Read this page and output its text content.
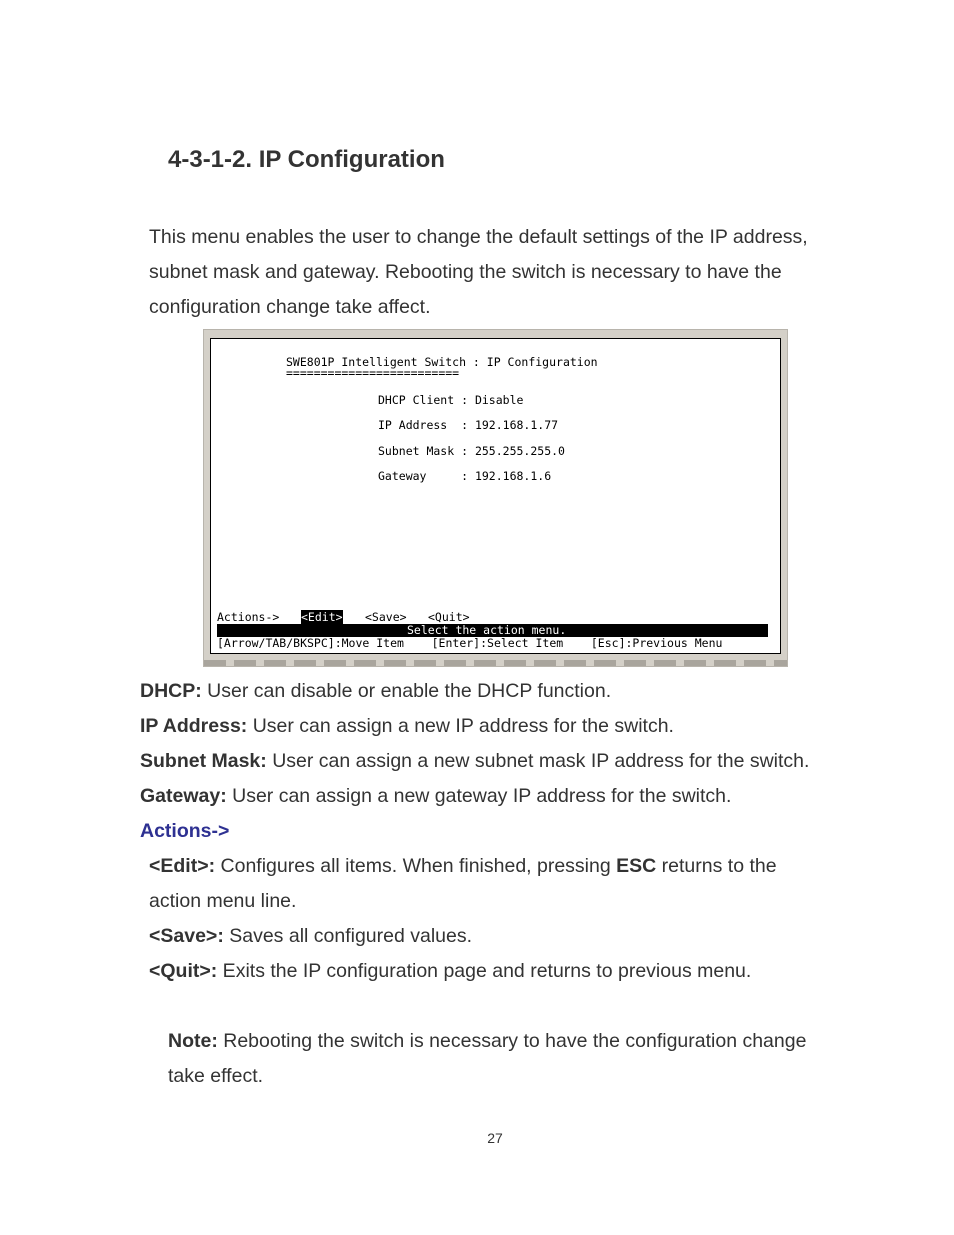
4-3-1-2. IP Configuration
This menu enables the user to change the default settings of the IP address,
subnet mask and gateway. Rebooting the switch is necessary to have the
configuration change take affect.
SWE801P Intelligent Switch : IP Configuration
=========================
DHCP Client : Disable
IP Address  : 192.168.1.77
Subnet Mask : 255.255.255.0
Gateway     : 192.168.1.6
Actions-> <Edit> <Save> <Quit>
Select the action menu.
[Arrow/TAB/BKSPC]:Move Item    [Enter]:Select Item    [Esc]:Previous Menu

DHCP: User can disable or enable the DHCP function.

IP Address: User can assign a new IP address for the switch.

Subnet Mask: User can assign a new subnet mask IP address for the switch.

Gateway: User can assign a new gateway IP address for the switch.

Actions->

<Edit>: Configures all items. When finished, pressing ESC returns to the

action menu line.

<Save>: Saves all configured values.

<Quit>: Exits the IP configuration page and returns to previous menu.

Note: Rebooting the switch is necessary to have the configuration change

take effect.

27
